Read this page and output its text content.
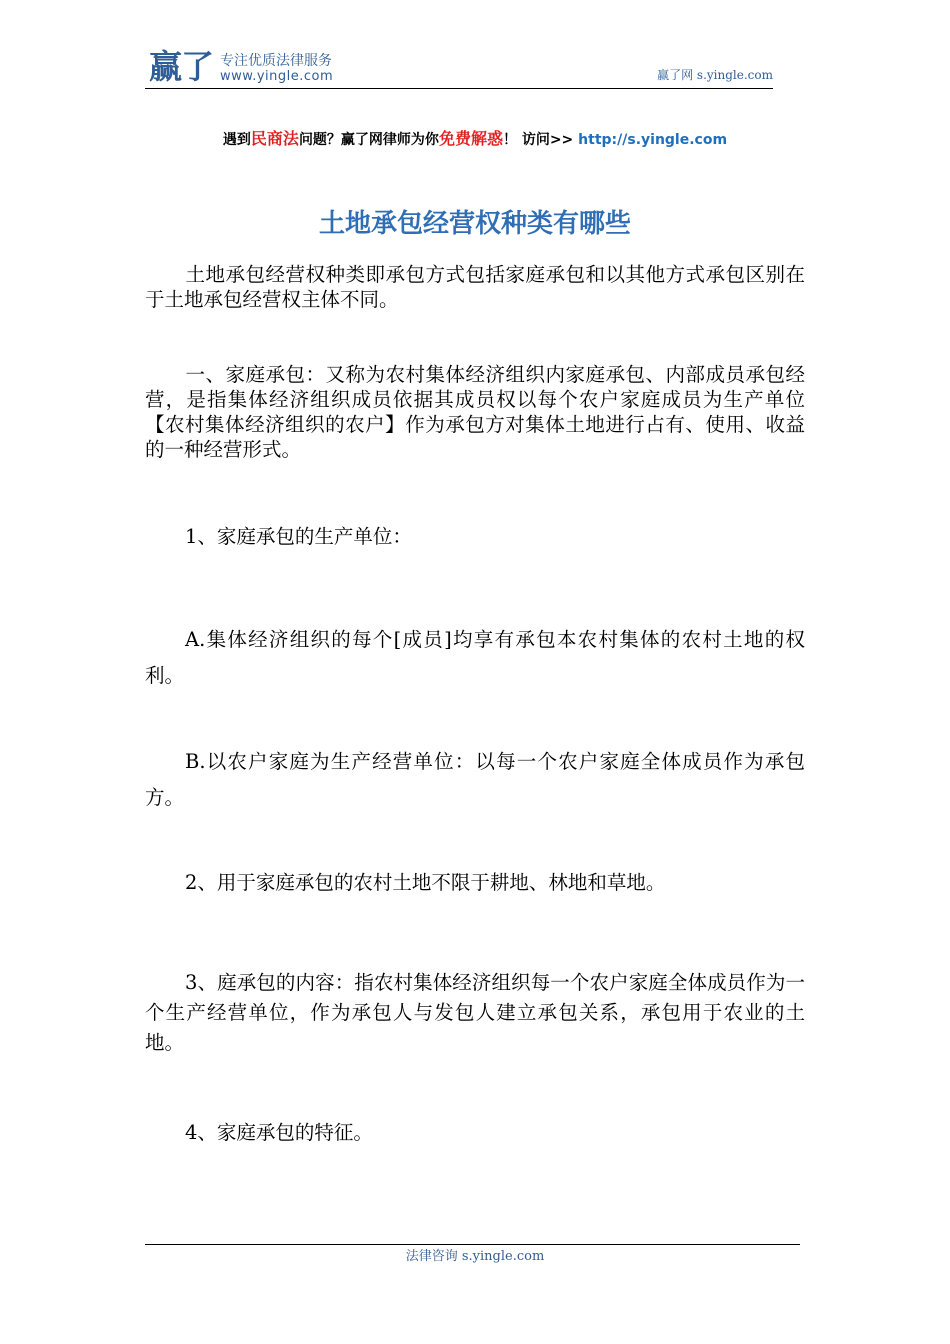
赢了 专注优质法律服务
www.yingle.com	赢了网 s.yingle.com
遇到民商法问题？赢了网律师为你免费解惑！ 访问>> http://s.yingle.com
土地承包经营权种类有哪些
土地承包经营权种类即承包方式包括家庭承包和以其他方式承包区别在于土地承包经营权主体不同。
一、家庭承包：又称为农村集体经济组织内家庭承包、内部成员承包经营，是指集体经济组织成员依据其成员权以每个农户家庭成员为生产单位【农村集体经济组织的农户】作为承包方对集体土地进行占有、使用、收益的一种经营形式。
1、家庭承包的生产单位：
A.集体经济组织的每个[成员]均享有承包本农村集体的农村土地的权利。
B.以农户家庭为生产经营单位：以每一个农户家庭全体成员作为承包方。
2、用于家庭承包的农村土地不限于耕地、林地和草地。
3、庭承包的内容：指农村集体经济组织每一个农户家庭全体成员作为一个生产经营单位，作为承包人与发包人建立承包关系，承包用于农业的土地。
4、家庭承包的特征。
法律咨询 s.yingle.com
